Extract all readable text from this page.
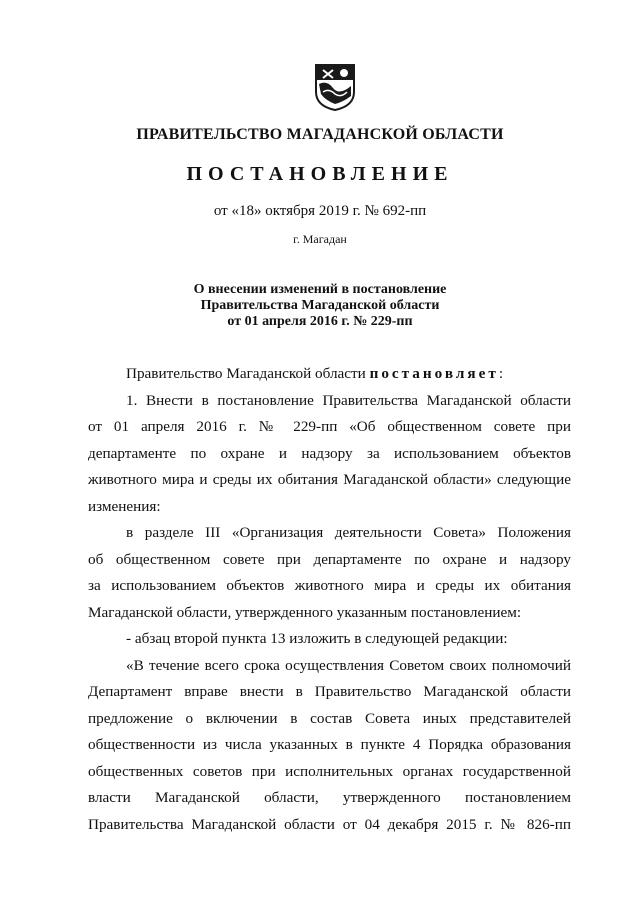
ПРАВИТЕЛЬСТВО МАГАДАНСКОЙ ОБЛАСТИ
ПОСТАНОВЛЕНИЕ
от «18» октября 2019 г. № 692-пп
г. Магадан
О внесении изменений в постановление
Правительства Магаданской области
от 01 апреля 2016 г. № 229-пп
Правительство Магаданской области постановляет:
1. Внести в постановление Правительства Магаданской области
от 01 апреля 2016 г. № 229-пп «Об общественном совете при
департаменте по охране и надзору за использованием объектов
животного мира и среды их обитания Магаданской области» следующие
изменения:
в разделе III «Организация деятельности Совета» Положения
об общественном совете при департаменте по охране и надзору
за использованием объектов животного мира и среды их обитания
Магаданской области, утвержденного указанным постановлением:
- абзац второй пункта 13 изложить в следующей редакции:
«В течение всего срока осуществления Советом своих полномочий
Департамент вправе внести в Правительство Магаданской области
предложение о включении в состав Совета иных представителей
общественности из числа указанных в пункте 4 Порядка образования
общественных советов при исполнительных органах государственной
власти Магаданской области, утвержденного постановлением
Правительства Магаданской области от 04 декабря 2015 г. № 826-пп
